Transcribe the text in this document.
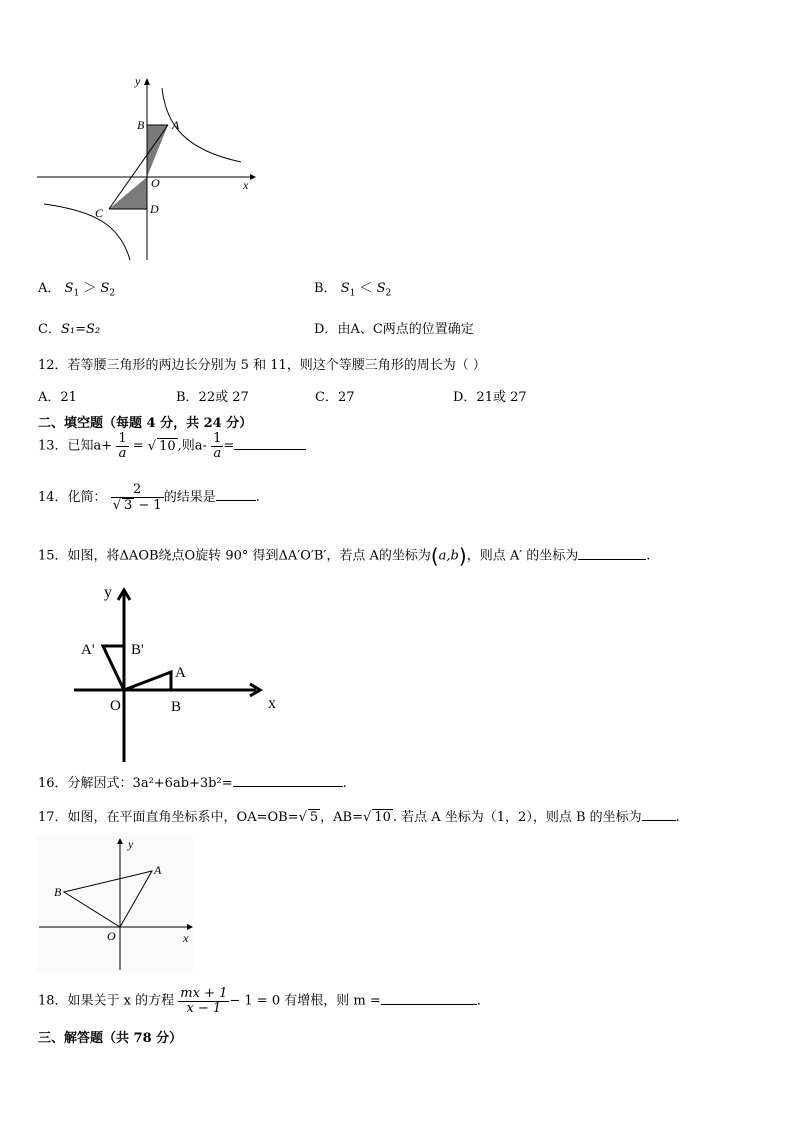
y
x
B A
O
C	D
A． $S_1 > S_2$	B． $S_1 < S_2$
C．S₁=S₂	D．由A、C两点的位置确定
12．若等腰三角形的两边长分别为 5 和 11，则这个等腰三角形的周长为（ ）
A．21	B．22或 27	C．27	D．21或 27
二、填空题（每题 4 分，共 24 分）
13．已知$a+ \frac{1}{a}$ = √ 10 ,则$a- \frac{1}{a}$ =
14．化简： $\frac{2}{√ 3 - 1}$ 的结果是	.
15．如图，将ΔAOB绕点O旋转 90° 得到ΔA′O′B′，若点 A的坐标为(a,b)，则点 A′ 的坐标为	.
y
x
A' B'
A
O	B
16．分解因式：3a²+6ab+3b²=	.
17．如图，在平面直角坐标系中，OA=OB=√ 5 ，AB=√ 10 . 若点 A 坐标为（1，2），则点 B 的坐标为	.
y
x
A
B
O
18．如果关于 x 的方程 $\frac{mx + 1}{x - 1} - 1 = 0$ 有增根，则 m =	.
三、解答题（共 78 分）
